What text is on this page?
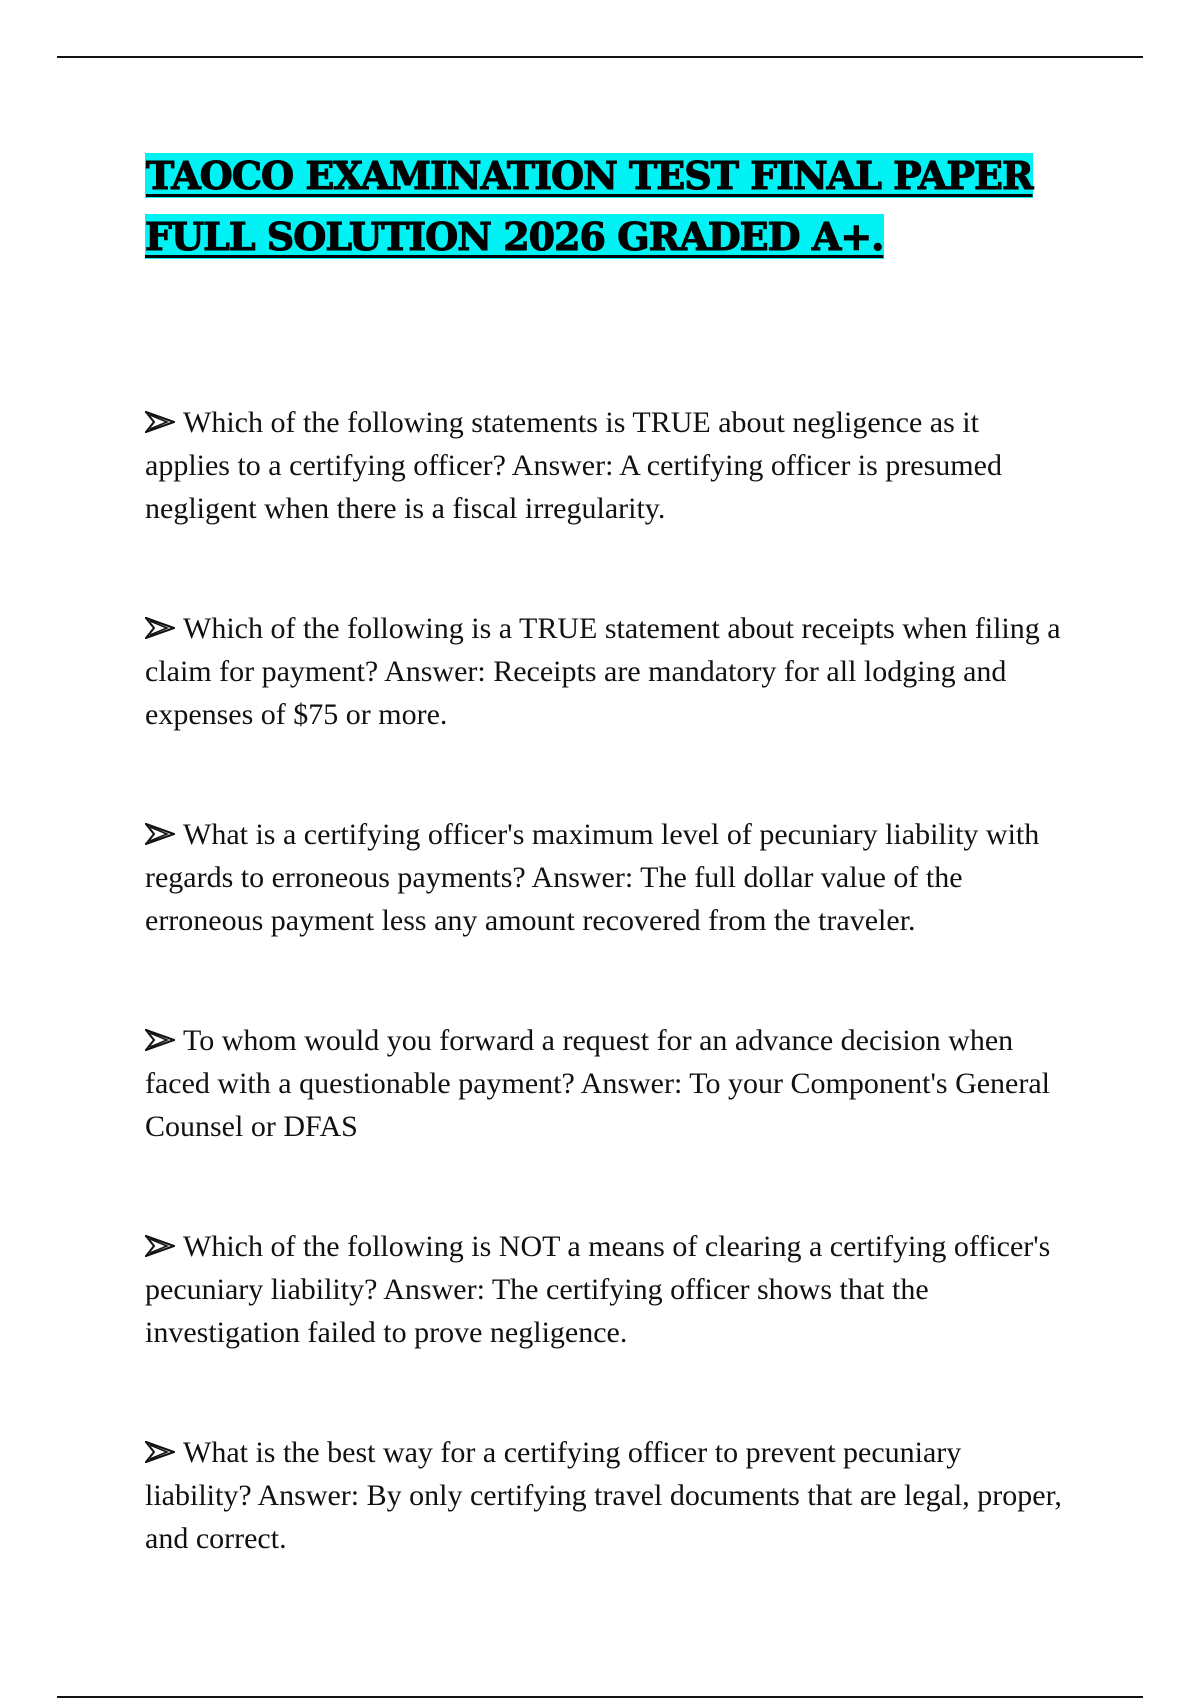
TAOCO EXAMINATION TEST FINAL PAPER FULL SOLUTION 2026 GRADED A+.

Which of the following statements is TRUE about negligence as it applies to a certifying officer? Answer: A certifying officer is presumed negligent when there is a fiscal irregularity.

Which of the following is a TRUE statement about receipts when filing a claim for payment? Answer: Receipts are mandatory for all lodging and expenses of $75 or more.

What is a certifying officer's maximum level of pecuniary liability with regards to erroneous payments? Answer: The full dollar value of the erroneous payment less any amount recovered from the traveler.

To whom would you forward a request for an advance decision when faced with a questionable payment? Answer: To your Component's General Counsel or DFAS

Which of the following is NOT a means of clearing a certifying officer's pecuniary liability? Answer: The certifying officer shows that the investigation failed to prove negligence.

What is the best way for a certifying officer to prevent pecuniary liability? Answer: By only certifying travel documents that are legal, proper, and correct.
